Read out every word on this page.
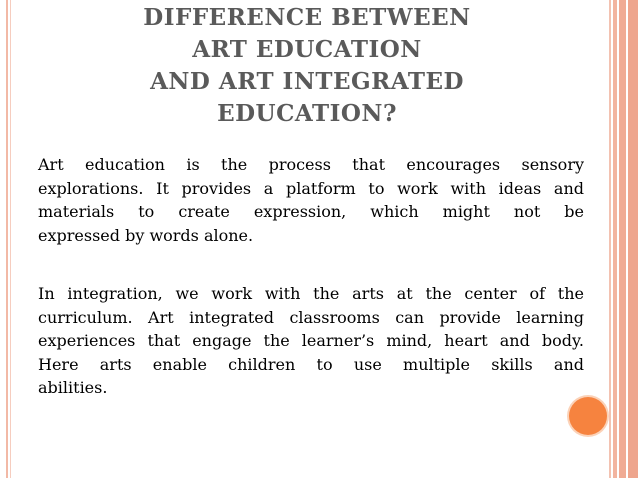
DIFFERENCE BETWEEN
ART EDUCATION
AND ART INTEGRATED
EDUCATION?
Art education is the process that encourages sensory
explorations. It provides a platform to work with ideas and
materials to create expression, which might not be
expressed by words alone.
In integration, we work with the arts at the center of the
curriculum. Art integrated classrooms can provide learning
experiences that engage the learner’s mind, heart and body.
Here arts enable children to use multiple skills and
abilities.
